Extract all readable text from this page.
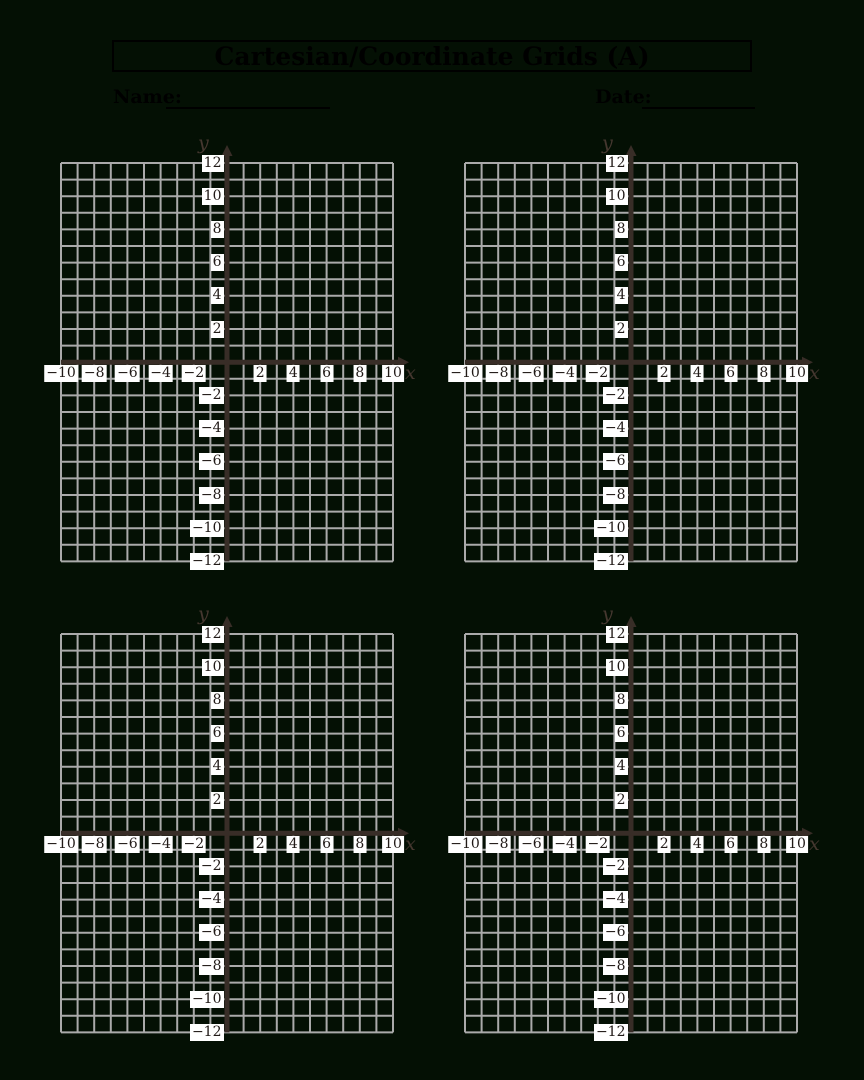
Cartesian/Coordinate Grids (A)
Name:	Date:
−10 −8 −6 −4 −2	2 4 6 8 10
12
10
8
6
4
2
−2
−4
−6
−8
−10
−12
y
x −10 −8 −6 −4 −2	2 4 6 8 10
12
10
8
6
4
2
−2
−4
−6
−8
−10
−12
y
x
−10 −8 −6 −4 −2	2 4 6 8 10
12
10
8
6
4
2
−2
−4
−6
−8
−10
−12
y
x −10 −8 −6 −4 −2	2 4 6 8 10
12
10
8
6
4
2
−2
−4
−6
−8
−10
−12
y
x
